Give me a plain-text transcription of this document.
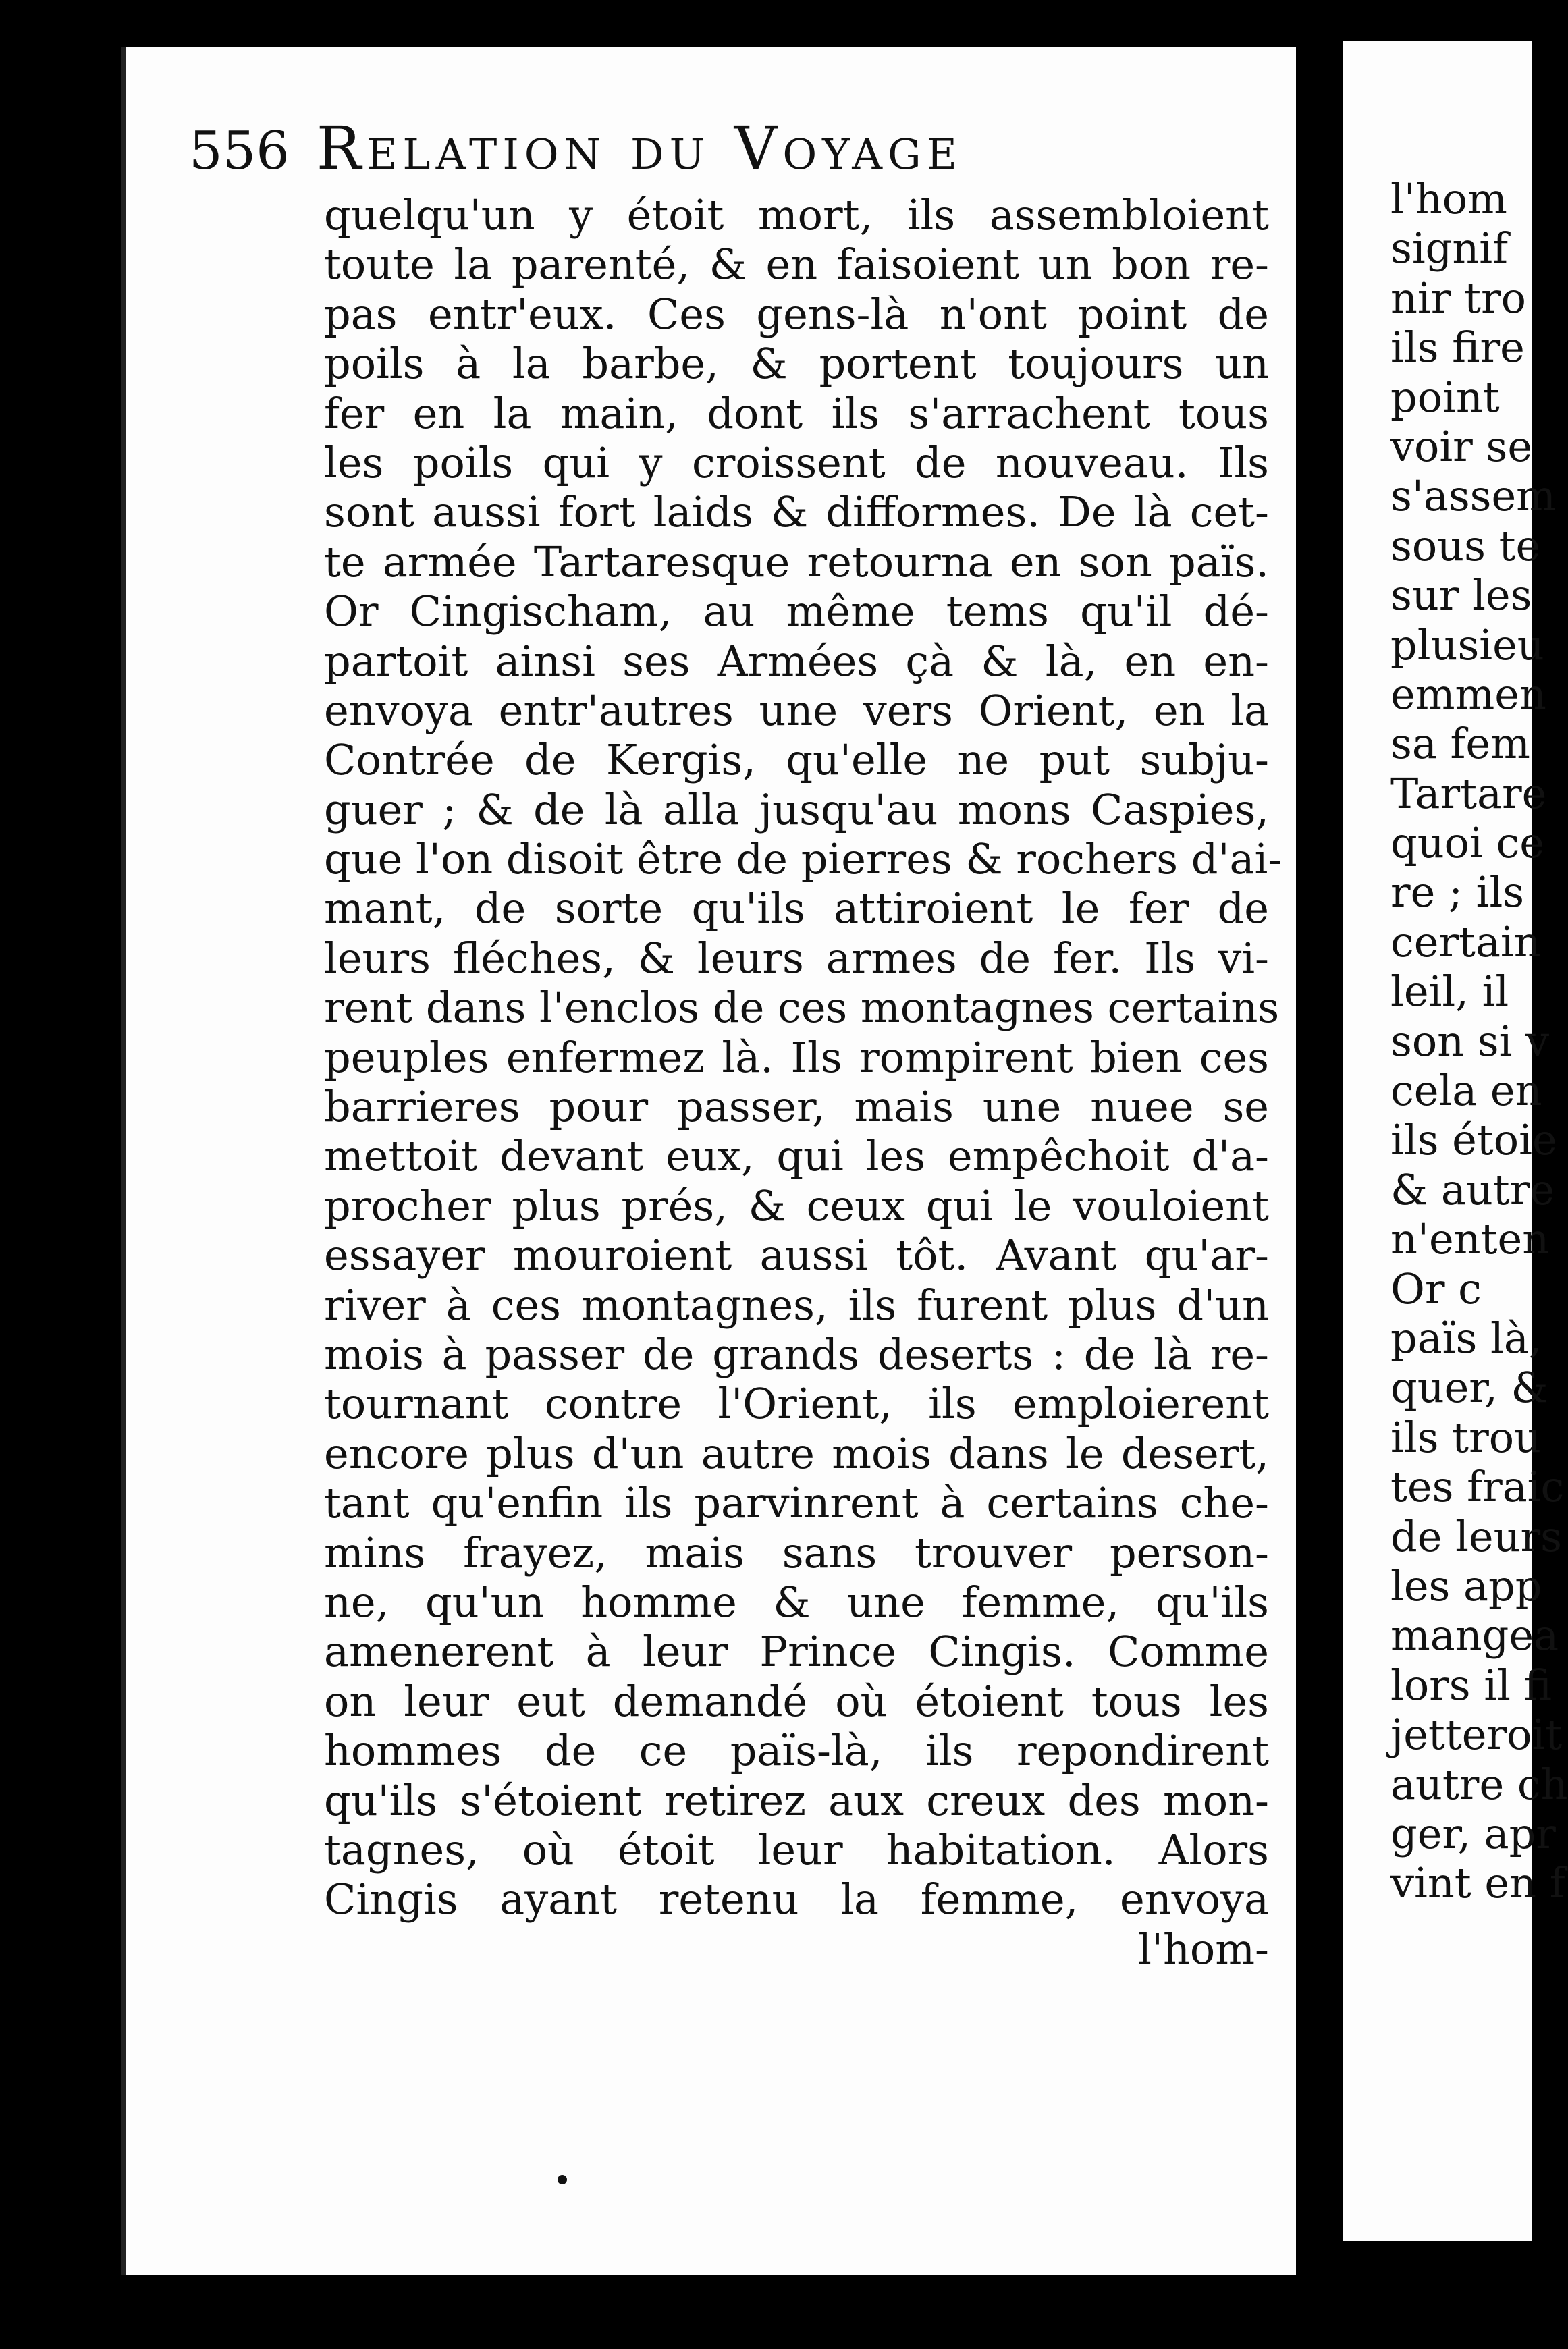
556 Relation du Voyage
quelqu'un y étoit mort, ils assembloient
toute la parenté, & en faisoient un bon re-
pas entr'eux. Ces gens-là n'ont point de
poils à la barbe, & portent toujours un
fer en la main, dont ils s'arrachent tous
les poils qui y croissent de nouveau. Ils
sont aussi fort laids & difformes. De là cet-
te armée Tartaresque retourna en son païs.
Or Cingischam, au même tems qu'il dé-
partoit ainsi ses Armées çà & là, en en-
envoya entr'autres une vers Orient, en la
Contrée de Kergis, qu'elle ne put subju-
guer ; & de là alla jusqu'au mons Caspies,
que l'on disoit être de pierres & rochers d'ai-
mant, de sorte qu'ils attiroient le fer de
leurs fléches, & leurs armes de fer. Ils vi-
rent dans l'enclos de ces montagnes certains
peuples enfermez là. Ils rompirent bien ces
barrieres pour passer, mais une nuee se
mettoit devant eux, qui les empêchoit d'a-
procher plus prés, & ceux qui le vouloient
essayer mouroient aussi tôt. Avant qu'ar-
river à ces montagnes, ils furent plus d'un
mois à passer de grands deserts : de là re-
tournant contre l'Orient, ils emploierent
encore plus d'un autre mois dans le desert,
tant qu'enfin ils parvinrent à certains che-
mins frayez, mais sans trouver person-
ne, qu'un homme & une femme, qu'ils
amenerent à leur Prince Cingis. Comme
on leur eut demandé où étoient tous les
hommes de ce païs-là, ils repondirent
qu'ils s'étoient retirez aux creux des mon-
tagnes, où étoit leur habitation. Alors
Cingis ayant retenu la femme, envoya
l'hom-
l'hom
signif
nir tro
ils fire
point
voir se
s'assem
sous te
sur les
plusieu
emmen
sa fem
Tartare
quoi ce
re ; ils
certain
leil, il
son si v
cela en
ils étoie
& autre
n'enten
Or c
païs là,
quer, &
ils trou
tes fraic
de leurs
les app
mangea
lors il fi
jetteroit
autre ch
ger, apr
vint en f
